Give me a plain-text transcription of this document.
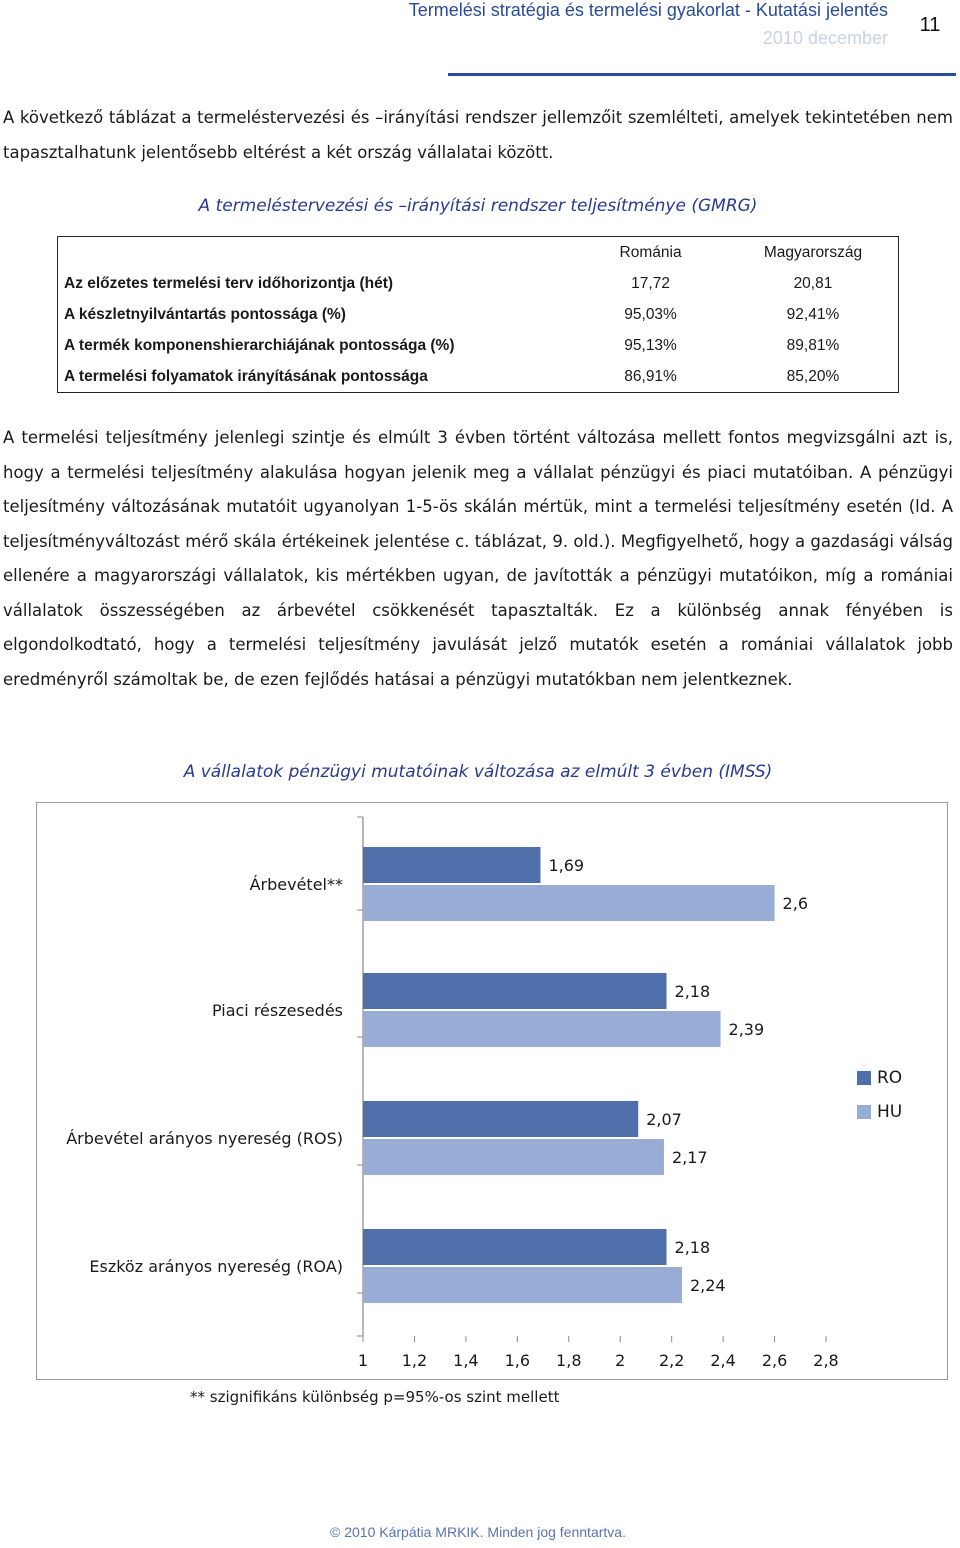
Termelési stratégia és termelési gyakorlat - Kutatási jelentés
2010 december
11

A következő táblázat a termeléstervezési és –irányítási rendszer jellemzőit szemlélteti, amelyek tekintetében nem tapasztalhatunk jelentősebb eltérést a két ország vállalatai között.

A termeléstervezési és –irányítási rendszer teljesítménye (GMRG)
	Románia	Magyarország
Az előzetes termelési terv időhorizontja (hét)	17,72	20,81
A készletnyilvántartás pontossága (%)	95,03%	92,41%
A termék komponenshierarchiájának pontossága (%)	95,13%	89,81%
A termelési folyamatok irányításának pontossága	86,91%	85,20%

A termelési teljesítmény jelenlegi szintje és elmúlt 3 évben történt változása mellett fontos megvizsgálni azt is, hogy a termelési teljesítmény alakulása hogyan jelenik meg a vállalat pénzügyi és piaci mutatóiban. A pénzügyi teljesítmény változásának mutatóit ugyanolyan 1-5-ös skálán mértük, mint a termelési teljesítmény esetén (ld. A teljesítményváltozást mérő skála értékeinek jelentése c. táblázat, 9. old.). Megfigyelhető, hogy a gazdasági válság ellenére a magyarországi vállalatok, kis mértékben ugyan, de javították a pénzügyi mutatóikon, míg a romániai vállalatok összességében az árbevétel csökkenését tapasztalták. Ez a különbség annak fényében is elgondolkodtató, hogy a termelési teljesítmény javulását jelző mutatók esetén a romániai vállalatok jobb eredményről számoltak be, de ezen fejlődés hatásai a pénzügyi mutatókban nem jelentkeznek.

A vállalatok pénzügyi mutatóinak változása az elmúlt 3 évben (IMSS)
1 1,2 1,4 1,6 1,8 2 2,2 2,4 2,6 2,8
Árbevétel**
1,69
2,6
Piaci részesedés
2,18
2,39
Árbevétel arányos nyereség (ROS)
2,07
2,17
Eszköz arányos nyereség (ROA)
2,18
2,24
RO
HU
** szignifikáns különbség p=95%-os szint mellett
© 2010 Kárpátia MRKIK. Minden jog fenntartva.
